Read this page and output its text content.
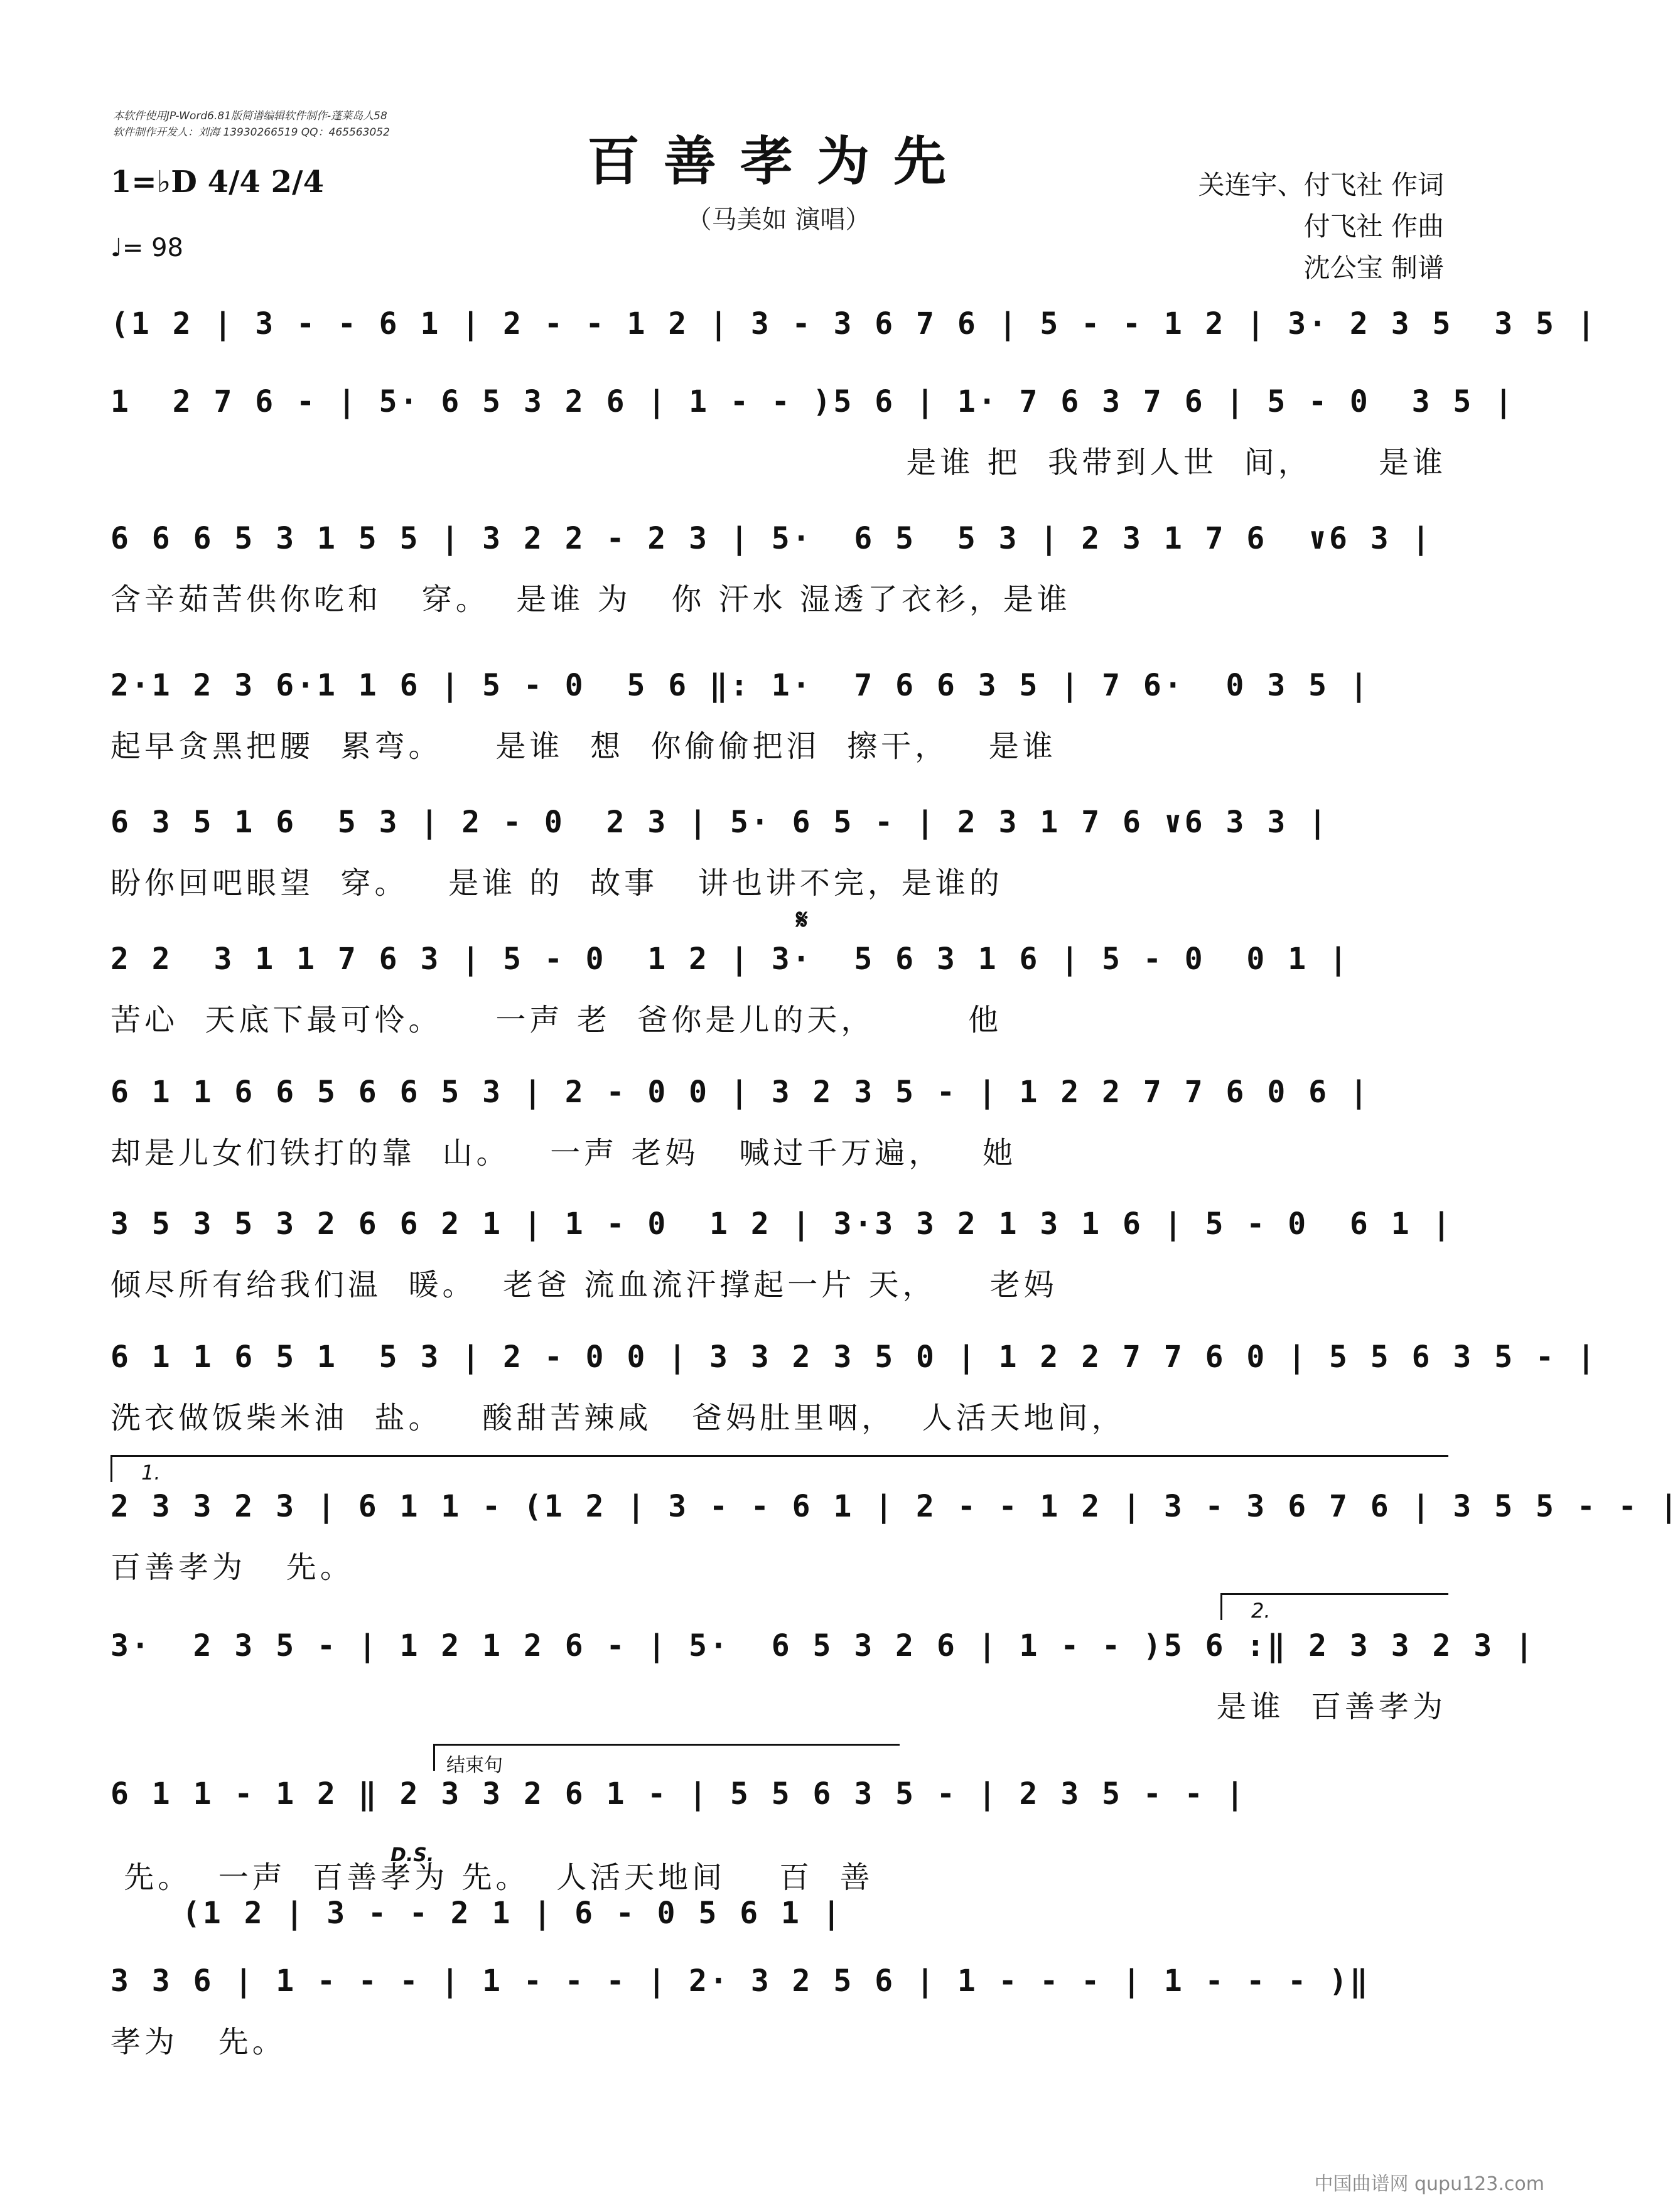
本软件使用JP-Word6.81版简谱编辑软件制作-蓬莱岛人58
软件制作开发人：刘海 13930266519 QQ：465563052	百善孝为先
（马美如 演唱）
1=♭D 4/4 2/4
♩= 98
关连宇、付飞社 作词
付飞社 作曲
沈公宝 制谱
(1 2 | 3 - - 6 1 | 2 - - 1 2 | 3 - 3 6 7 6 | 5 - - 1 2 | 3· 2 3 5  3 5 |
1  2 7 6 - | 5· 6 5 3 2 6 | 1 - - )5 6 | 1· 7 6 3 7 6 | 5 - 0  3 5 |
是谁 把  我带到人世  间，     是谁
6 6 6 5 3 1 5 5 | 3 2 2 - 2 3 | 5·  6 5  5 3 | 2 3 1 7 6  ∨6 3 |
含辛茹苦供你吃和   穿。  是谁 为   你 汗水 湿透了衣衫，是谁
2·1 2 3 6·1 1 6 | 5 - 0  5 6 ‖: 1·  7 6 6 3 5 | 7 6·  0 3 5 |
起早贪黑把腰  累弯。    是谁  想  你偷偷把泪  擦干，   是谁
6 3 5 1 6  5 3 | 2 - 0  2 3 | 5· 6 5 - | 2 3 1 7 6 ∨6 3 3 |
盼你回吧眼望  穿。   是谁 的  故事   讲也讲不完，是谁的
𝄋
2 2  3 1 1 7 6 3 | 5 - 0  1 2 | 3·  5 6 3 1 6 | 5 - 0  0 1 |
苦心  天底下最可怜。    一声 老  爸你是儿的天，       他
6 1 1 6 6 5 6 6 5 3 | 2 - 0 0 | 3 2 3 5 - | 1 2 2 7 7 6 0 6 |
却是儿女们铁打的靠  山。   一声 老妈   喊过千万遍，   她
3 5 3 5 3 2 6 6 2 1 | 1 - 0  1 2 | 3·3 3 2 1 3 1 6 | 5 - 0  6 1 |
倾尽所有给我们温  暖。  老爸 流血流汗撑起一片 天，    老妈
6 1 1 6 5 1  5 3 | 2 - 0 0 | 3 3 2 3 5 0 | 1 2 2 7 7 6 0 | 5 5 6 3 5 - |
洗衣做饭柴米油  盐。   酸甜苦辣咸   爸妈肚里咽，  人活天地间，
1.
2 3 3 2 3 | 6 1 1 - (1 2 | 3 - - 6 1 | 2 - - 1 2 | 3 - 3 6 7 6 | 3 5 5 - - |
百善孝为   先。
2.
3·  2 3 5 - | 1 2 1 2 6 - | 5·  6 5 3 2 6 | 1 - - )5 6 :‖ 2 3 3 2 3 |
是谁  百善孝为
结束句
6 1 1 - 1 2 ‖ 2 3 3 2 6 1 - | 5 5 6 3 5 - | 2 3 5 - - |
D.S.
先。  一声  百善孝为 先。  人活天地间    百  善
(1 2 | 3 - - 2 1 | 6 - 0 5 6 1 |
3 3 6 | 1 - - - | 1 - - - | 2· 3 2 5 6 | 1 - - - | 1 - - - )‖
孝为   先。
中国曲谱网 qupu123.com
